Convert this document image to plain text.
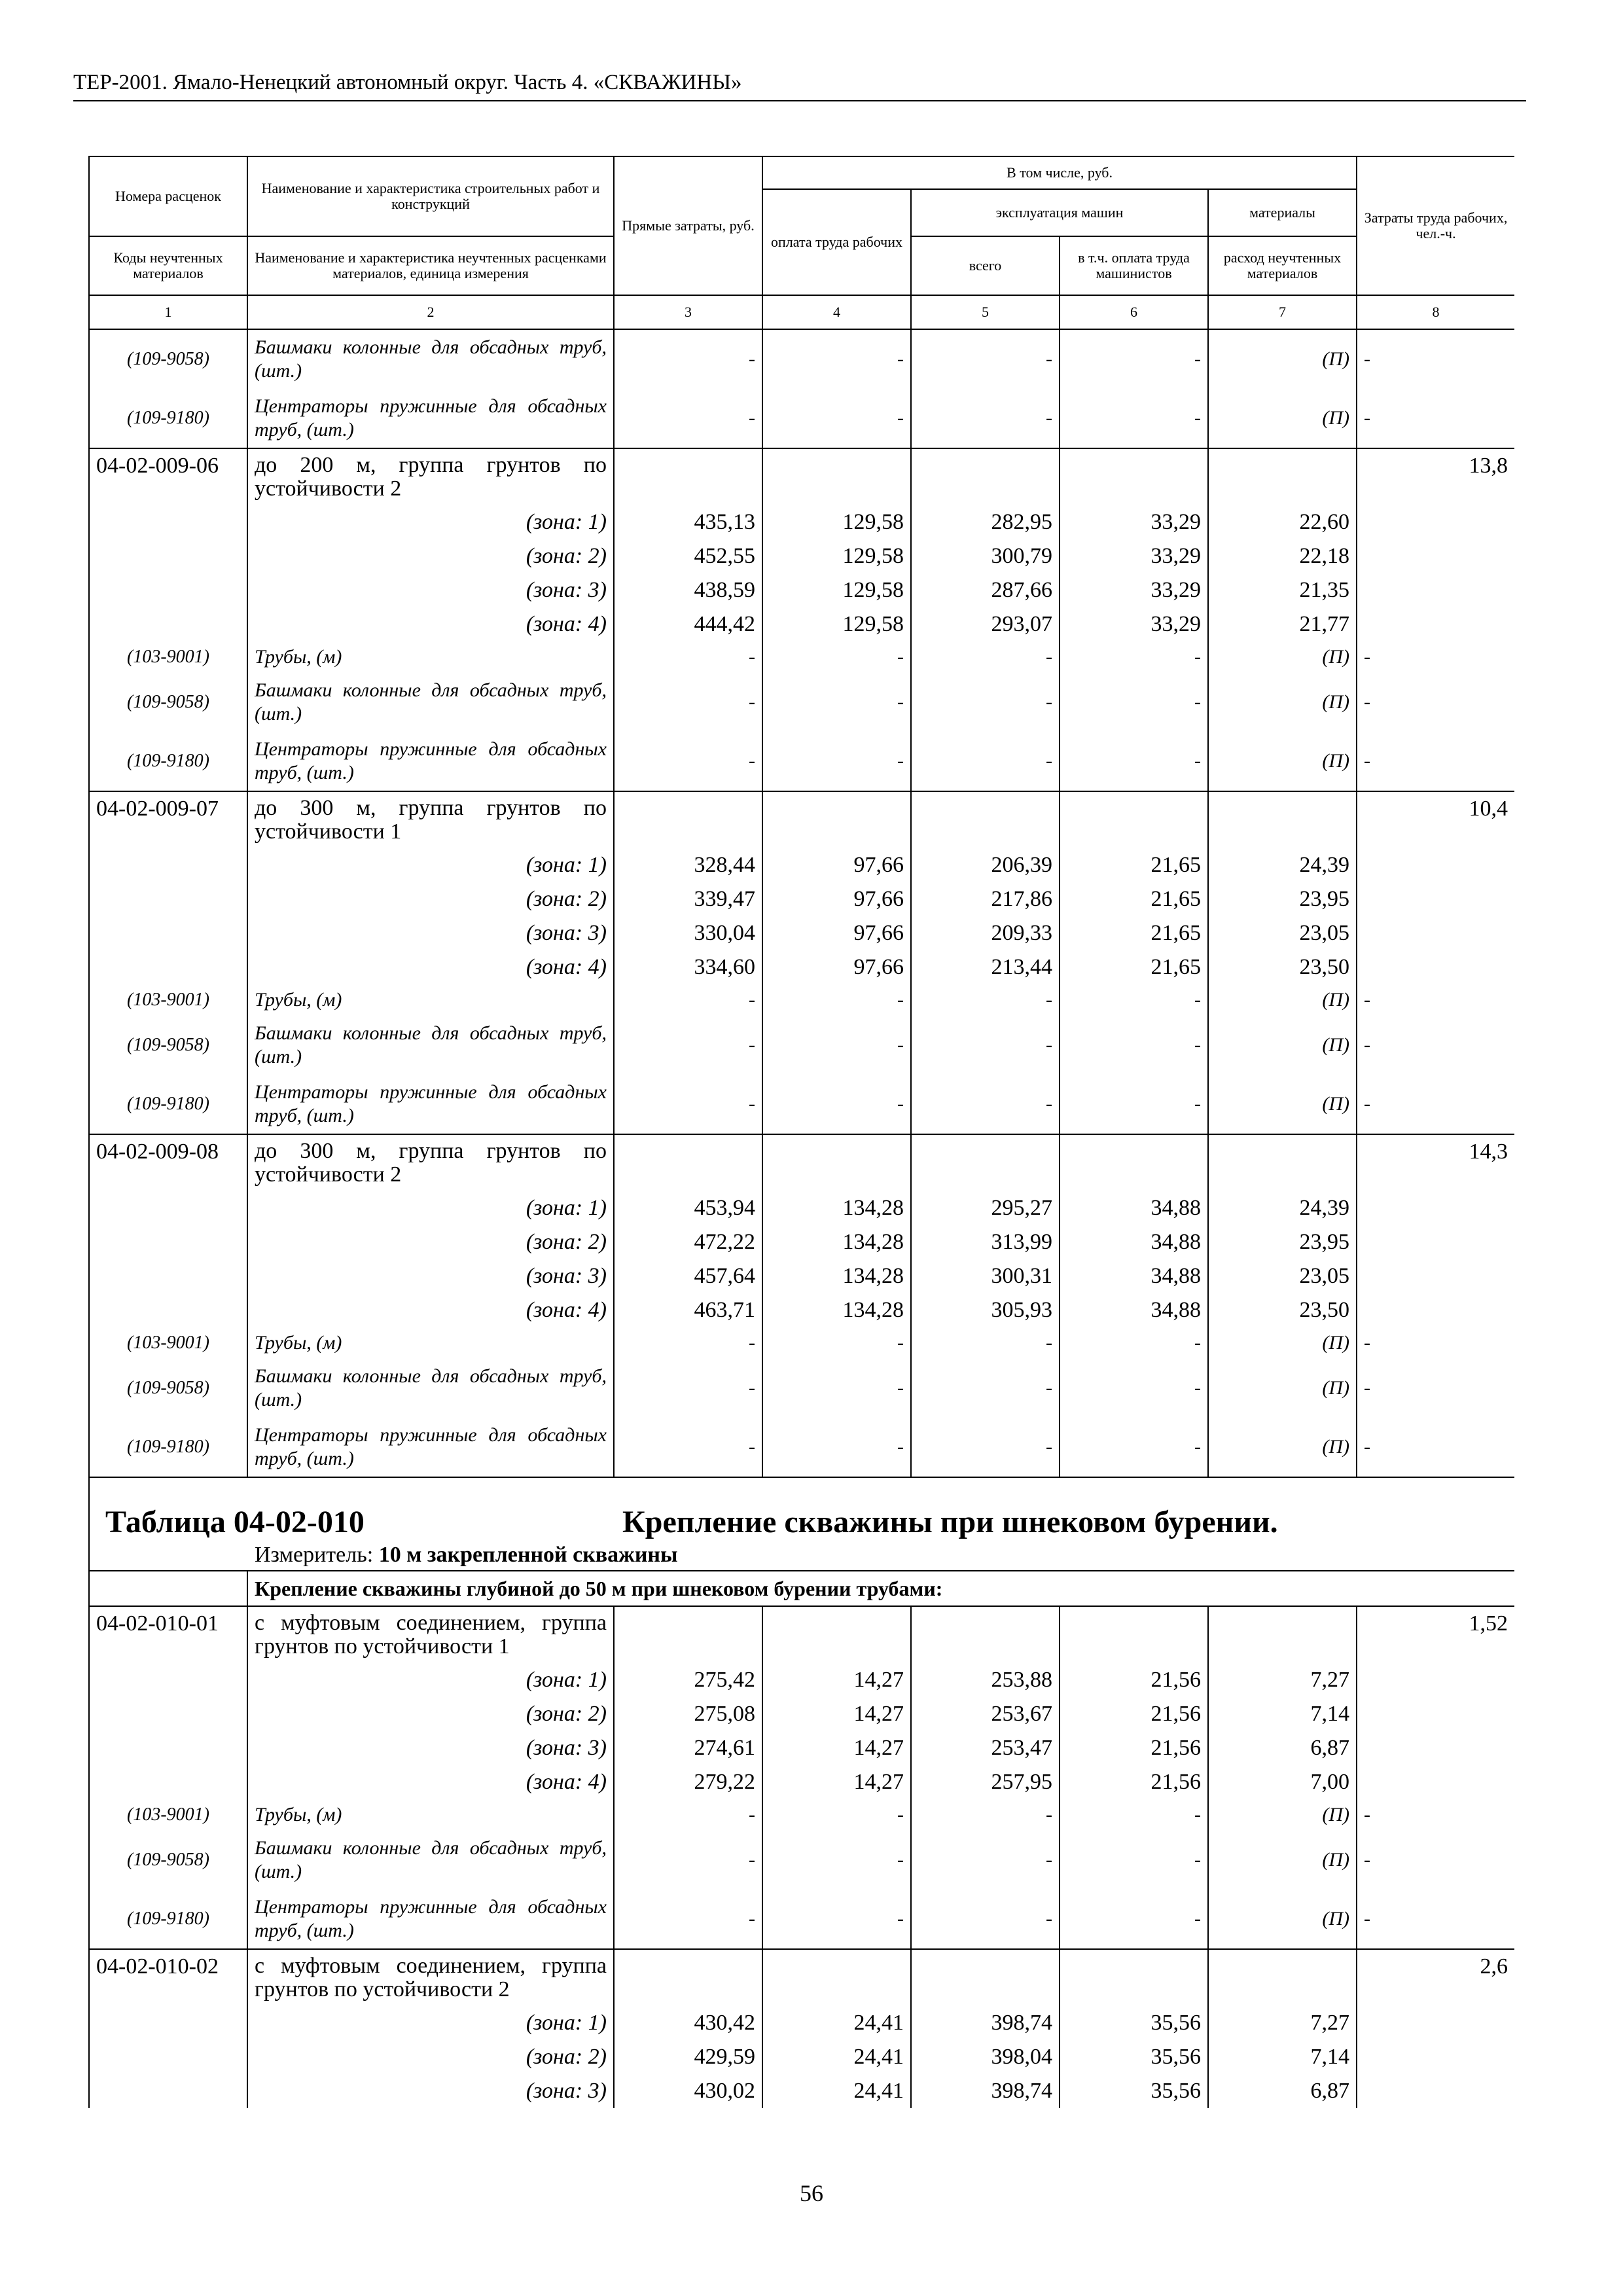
ТЕР-2001. Ямало-Ненецкий автономный округ. Часть 4. «СКВАЖИНЫ»
Номера расценок	Наименование и характеристика строительных работ и конструкций	Прямые затраты, руб.	В том числе, руб.				Затраты труда рабочих, чел.-ч.
			оплата труда рабочих	эксплуатация машин		материалы	
Коды неучтенных материалов	Наименование и характеристика неучтенных расценками материалов, единица измерения			всего	в т.ч. оплата труда машинистов	расход неучтенных материалов	
1	2	3	4	5	6	7	8
(109-9058)	Башмаки колонные для обсадных труб, (шт.)	-	-	-	-	(П)	-
(109-9180)	Центраторы пружинные для обсадных труб, (шт.)	-	-	-	-	(П)	-
04-02-009-06	до 200 м, группа грунтов по устойчивости 2						13,8
	(зона: 1)	435,13	129,58	282,95	33,29	22,60	
	(зона: 2)	452,55	129,58	300,79	33,29	22,18	
	(зона: 3)	438,59	129,58	287,66	33,29	21,35	
	(зона: 4)	444,42	129,58	293,07	33,29	21,77	
(103-9001)	Трубы, (м)	-	-	-	-	(П)	-
(109-9058)	Башмаки колонные для обсадных труб, (шт.)	-	-	-	-	(П)	-
(109-9180)	Центраторы пружинные для обсадных труб, (шт.)	-	-	-	-	(П)	-
04-02-009-07	до 300 м, группа грунтов по устойчивости 1						10,4
	(зона: 1)	328,44	97,66	206,39	21,65	24,39	
	(зона: 2)	339,47	97,66	217,86	21,65	23,95	
	(зона: 3)	330,04	97,66	209,33	21,65	23,05	
	(зона: 4)	334,60	97,66	213,44	21,65	23,50	
(103-9001)	Трубы, (м)	-	-	-	-	(П)	-
(109-9058)	Башмаки колонные для обсадных труб, (шт.)	-	-	-	-	(П)	-
(109-9180)	Центраторы пружинные для обсадных труб, (шт.)	-	-	-	-	(П)	-
04-02-009-08	до 300 м, группа грунтов по устойчивости 2						14,3
	(зона: 1)	453,94	134,28	295,27	34,88	24,39	
	(зона: 2)	472,22	134,28	313,99	34,88	23,95	
	(зона: 3)	457,64	134,28	300,31	34,88	23,05	
	(зона: 4)	463,71	134,28	305,93	34,88	23,50	
(103-9001)	Трубы, (м)	-	-	-	-	(П)	-
(109-9058)	Башмаки колонные для обсадных труб, (шт.)	-	-	-	-	(П)	-
(109-9180)	Центраторы пружинные для обсадных труб, (шт.)	-	-	-	-	(П)	-

Таблица 04-02-010 Крепление скважины при шнековом бурении.
Измеритель: 10 м закрепленной скважины							

	Крепление скважины глубиной до 50 м при шнековом бурении трубами:						
04-02-010-01	с муфтовым соединением, группа грунтов по устойчивости 1						1,52
	(зона: 1)	275,42	14,27	253,88	21,56	7,27	
	(зона: 2)	275,08	14,27	253,67	21,56	7,14	
	(зона: 3)	274,61	14,27	253,47	21,56	6,87	
	(зона: 4)	279,22	14,27	257,95	21,56	7,00	
(103-9001)	Трубы, (м)	-	-	-	-	(П)	-
(109-9058)	Башмаки колонные для обсадных труб, (шт.)	-	-	-	-	(П)	-
(109-9180)	Центраторы пружинные для обсадных труб, (шт.)	-	-	-	-	(П)	-
04-02-010-02	с муфтовым соединением, группа грунтов по устойчивости 2						2,6
	(зона: 1)	430,42	24,41	398,74	35,56	7,27	
	(зона: 2)	429,59	24,41	398,04	35,56	7,14	
	(зона: 3)	430,02	24,41	398,74	35,56	6,87	
56
